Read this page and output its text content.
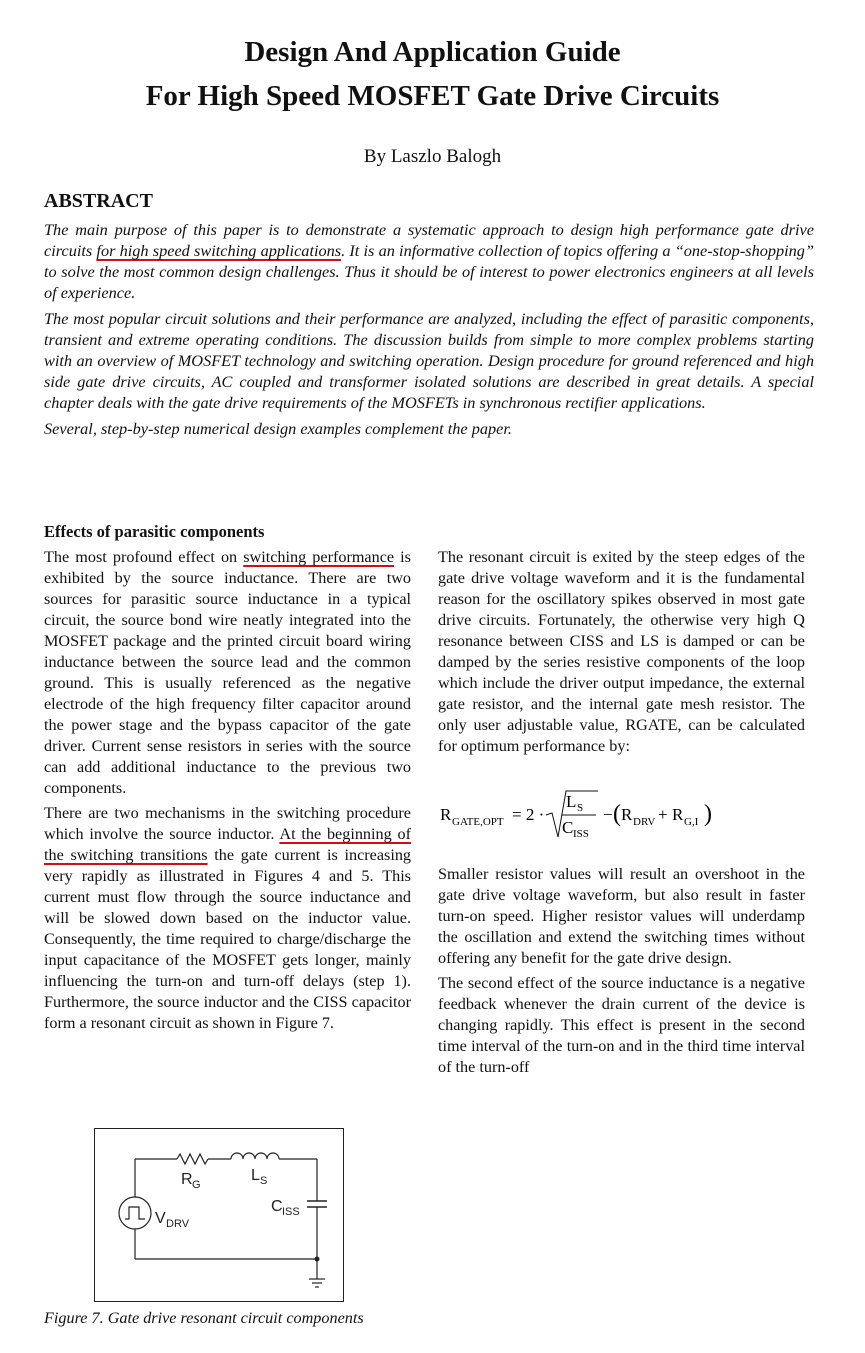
Design And Application Guide
For High Speed MOSFET Gate Drive Circuits
By Laszlo Balogh
ABSTRACT

The main purpose of this paper is to demonstrate a systematic approach to design high performance gate drive circuits for high speed switching applications. It is an informative collection of topics offering a “one-stop-shopping” to solve the most common design challenges. Thus it should be of interest to power electronics engineers at all levels of experience.

The most popular circuit solutions and their performance are analyzed, including the effect of parasitic components, transient and extreme operating conditions. The discussion builds from simple to more complex problems starting with an overview of MOSFET technology and switching operation. Design procedure for ground referenced and high side gate drive circuits, AC coupled and transformer isolated solutions are described in great details. A special chapter deals with the gate drive requirements of the MOSFETs in synchronous rectifier applications.

Several, step-by-step numerical design examples complement the paper.

Effects of parasitic components

The most profound effect on switching performance is exhibited by the source inductance. There are two sources for parasitic source inductance in a typical circuit, the source bond wire neatly integrated into the MOSFET package and the printed circuit board wiring inductance between the source lead and the common ground. This is usually referenced as the negative electrode of the high frequency filter capacitor around the power stage and the bypass capacitor of the gate driver. Current sense resistors in series with the source can add additional inductance to the previous two components.

There are two mechanisms in the switching procedure which involve the source inductor. At the beginning of the switching transitions the gate current is increasing very rapidly as illustrated in Figures 4 and 5. This current must flow through the source inductance and will be slowed down based on the inductor value. Consequently, the time required to charge/discharge the input capacitance of the MOSFET gets longer, mainly influencing the turn-on and turn-off delays (step 1). Furthermore, the source inductor and the CISS capacitor form a resonant circuit as shown in Figure 7.

The resonant circuit is exited by the steep edges of the gate drive voltage waveform and it is the fundamental reason for the oscillatory spikes observed in most gate drive circuits. Fortunately, the otherwise very high Q resonance between CISS and LS is damped or can be damped by the series resistive components of the loop which include the driver output impedance, the external gate resistor, and the internal gate mesh resistor. The only user adjustable value, RGATE, can be calculated for optimum performance by:

R GATE,OPT = 2 ·
L S
C ISS
− ( R DRV + R G,I )

Smaller resistor values will result an overshoot in the gate drive voltage waveform, but also result in faster turn-on speed. Higher resistor values will underdamp the oscillation and extend the switching times without offering any benefit for the gate drive design.

The second effect of the source inductance is a negative feedback whenever the drain current of the device is changing rapidly. This effect is present in the second time interval of the turn-on and in the third time interval of the turn-off

R G
L S
C ISS
V DRV
Figure 7. Gate drive resonant circuit components
